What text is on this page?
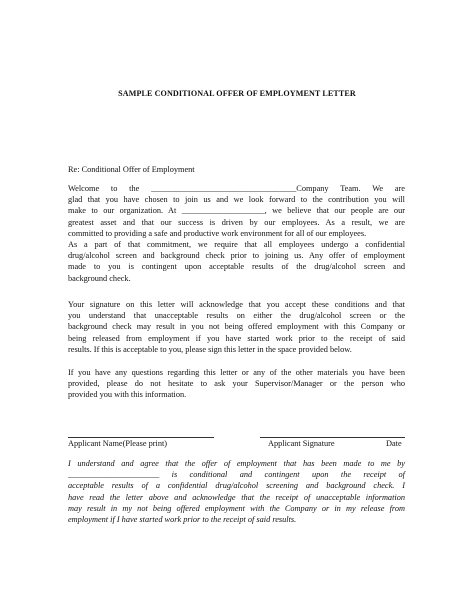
SAMPLE CONDITIONAL OFFER OF EMPLOYMENT LETTER
Re: Conditional Offer of Employment
Welcome to the ___________________________________Company Team. We are
glad that you have chosen to join us and we look forward to the contribution you will
make to our organization. At ____________________, we believe that our people are our
greatest asset and that our success is driven by our employees. As a result, we are
committed to providing a safe and productive work environment for all of our employees.
As a part of that commitment, we require that all employees undergo a confidential
drug/alcohol screen and background check prior to joining us. Any offer of employment
made to you is contingent upon acceptable results of the drug/alcohol screen and
background check.
Your signature on this letter will acknowledge that you accept these conditions and that
you understand that unacceptable results on either the drug/alcohol screen or the
background check may result in you not being offered employment with this Company or
being released from employment if you have started work prior to the receipt of said
results. If this is acceptable to you, please sign this letter in the space provided below.
If you have any questions regarding this letter or any of the other materials you have been
provided, please do not hesitate to ask your Supervisor/Manager or the person who
provided you with this information.
Applicant Name(Please print)	Applicant Signature	Date
I understand and agree that the offer of employment that has been made to me by
______________________ is conditional and contingent upon the receipt of
acceptable results of a confidential drug/alcohol screening and background check. I
have read the letter above and acknowledge that the receipt of unacceptable information
may result in my not being offered employment with the Company or in my release from
employment if I have started work prior to the receipt of said results.
